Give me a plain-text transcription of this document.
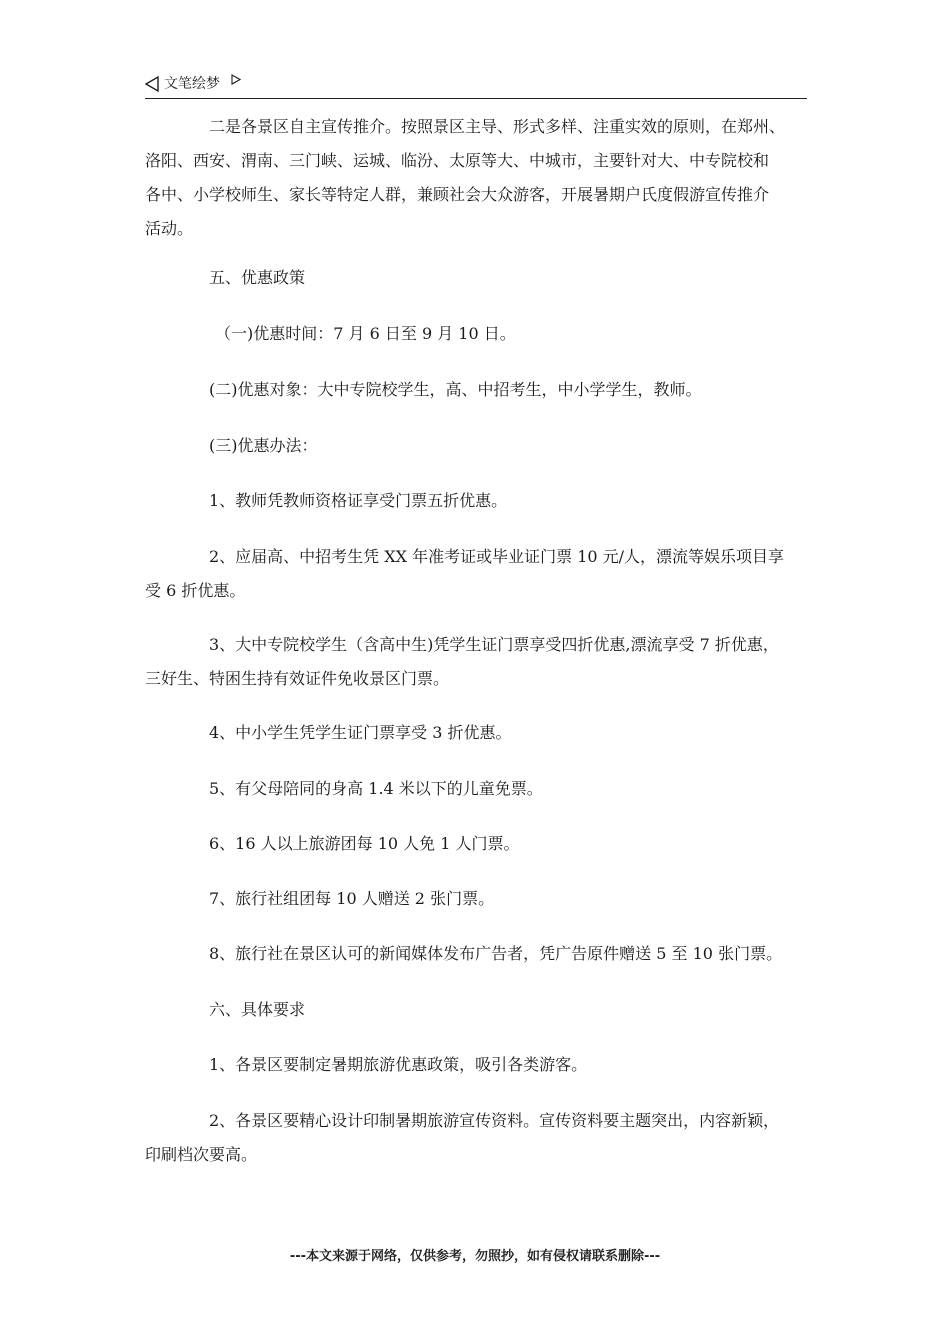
文笔绘梦
二是各景区自主宣传推介。按照景区主导、形式多样、注重实效的原则，在郑州、
洛阳、西安、渭南、三门峡、运城、临汾、太原等大、中城市，主要针对大、中专院校和
各中、小学校师生、家长等特定人群，兼顾社会大众游客，开展暑期户氏度假游宣传推介
活动。
五、优惠政策
（一)优惠时间：7 月 6 日至 9 月 10 日。
(二)优惠对象：大中专院校学生，高、中招考生，中小学学生，教师。
(三)优惠办法：
1、教师凭教师资格证享受门票五折优惠。
2、应届高、中招考生凭 XX 年准考证或毕业证门票 10 元/人，漂流等娱乐项目享
受 6 折优惠。
3、大中专院校学生（含高中生)凭学生证门票享受四折优惠,漂流享受 7 折优惠，
三好生、特困生持有效证件免收景区门票。
4、中小学生凭学生证门票享受 3 折优惠。
5、有父母陪同的身高 1.4 米以下的儿童免票。
6、16 人以上旅游团每 10 人免 1 人门票。
7、旅行社组团每 10 人赠送 2 张门票。
8、旅行社在景区认可的新闻媒体发布广告者，凭广告原件赠送 5 至 10 张门票。
六、具体要求
1、各景区要制定暑期旅游优惠政策，吸引各类游客。
2、各景区要精心设计印制暑期旅游宣传资料。宣传资料要主题突出，内容新颖，
印刷档次要高。
---本文来源于网络，仅供参考，勿照抄，如有侵权请联系删除---
